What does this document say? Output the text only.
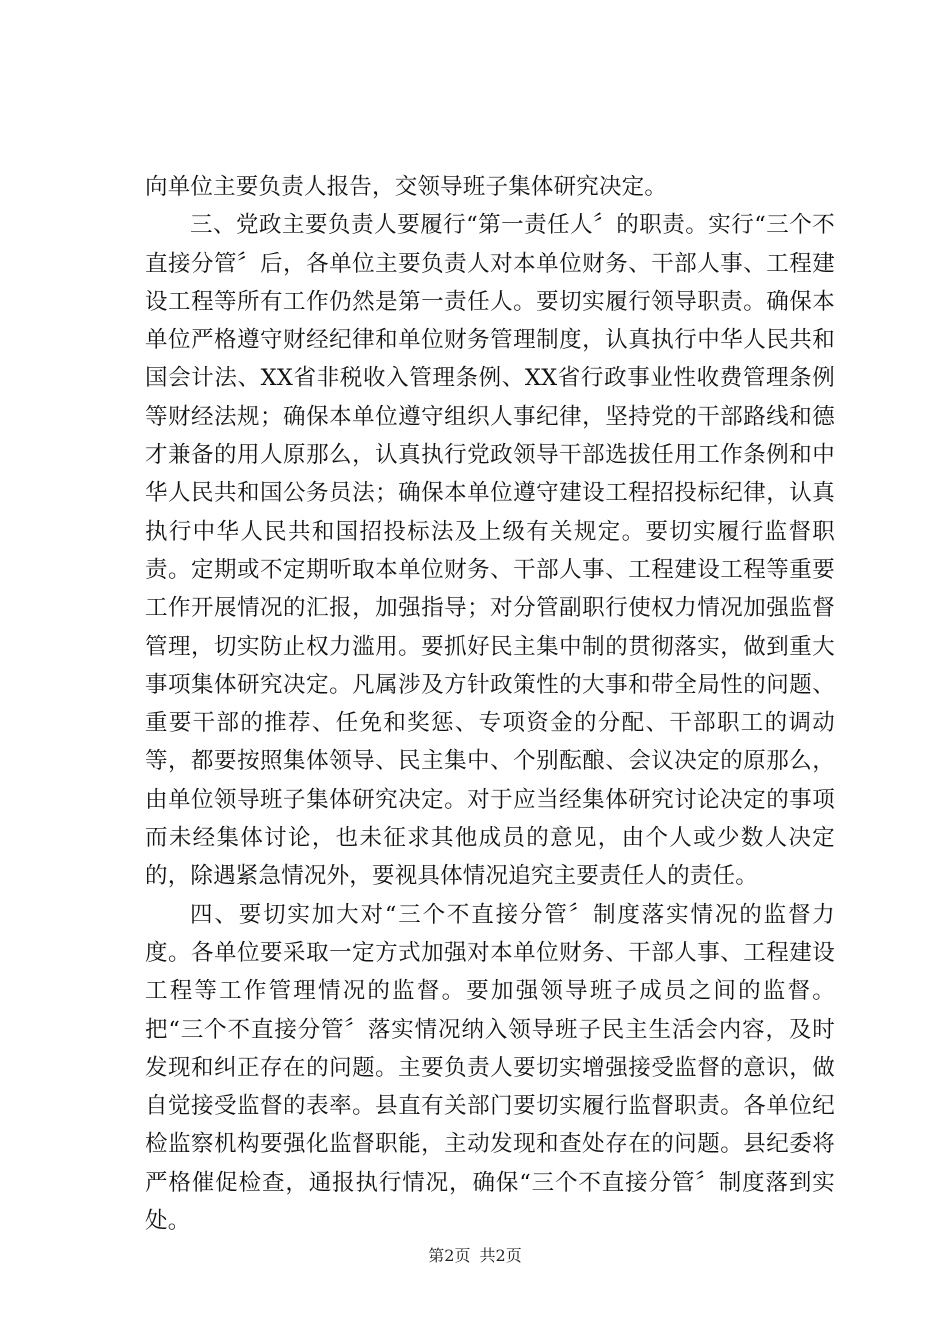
向单位主要负责人报告，交领导班子集体研究决定。

三、党政主要负责人要履行“第一责任人〞的职责。实行“三个不直接分管〞后，各单位主要负责人对本单位财务、干部人事、工程建设工程等所有工作仍然是第一责任人。要切实履行领导职责。确保本单位严格遵守财经纪律和单位财务管理制度，认真执行中华人民共和国会计法、XX省非税收入管理条例、XX省行政事业性收费管理条例等财经法规；确保本单位遵守组织人事纪律，坚持党的干部路线和德才兼备的用人原那么，认真执行党政领导干部选拔任用工作条例和中华人民共和国公务员法；确保本单位遵守建设工程招投标纪律，认真执行中华人民共和国招投标法及上级有关规定。要切实履行监督职责。定期或不定期听取本单位财务、干部人事、工程建设工程等重要工作开展情况的汇报，加强指导；对分管副职行使权力情况加强监督管理，切实防止权力滥用。要抓好民主集中制的贯彻落实，做到重大事项集体研究决定。凡属涉及方针政策性的大事和带全局性的问题、重要干部的推荐、任免和奖惩、专项资金的分配、干部职工的调动等，都要按照集体领导、民主集中、个别酝酿、会议决定的原那么，由单位领导班子集体研究决定。对于应当经集体研究讨论决定的事项而未经集体讨论，也未征求其他成员的意见，由个人或少数人决定的，除遇紧急情况外，要视具体情况追究主要责任人的责任。

四、要切实加大对“三个不直接分管〞制度落实情况的监督力度。各单位要采取一定方式加强对本单位财务、干部人事、工程建设工程等工作管理情况的监督。要加强领导班子成员之间的监督。把“三个不直接分管〞落实情况纳入领导班子民主生活会内容，及时发现和纠正存在的问题。主要负责人要切实增强接受监督的意识，做自觉接受监督的表率。县直有关部门要切实履行监督职责。各单位纪检监察机构要强化监督职能，主动发现和查处存在的问题。县纪委将严格催促检查，通报执行情况，确保“三个不直接分管〞制度落到实处。

第2页 共2页
